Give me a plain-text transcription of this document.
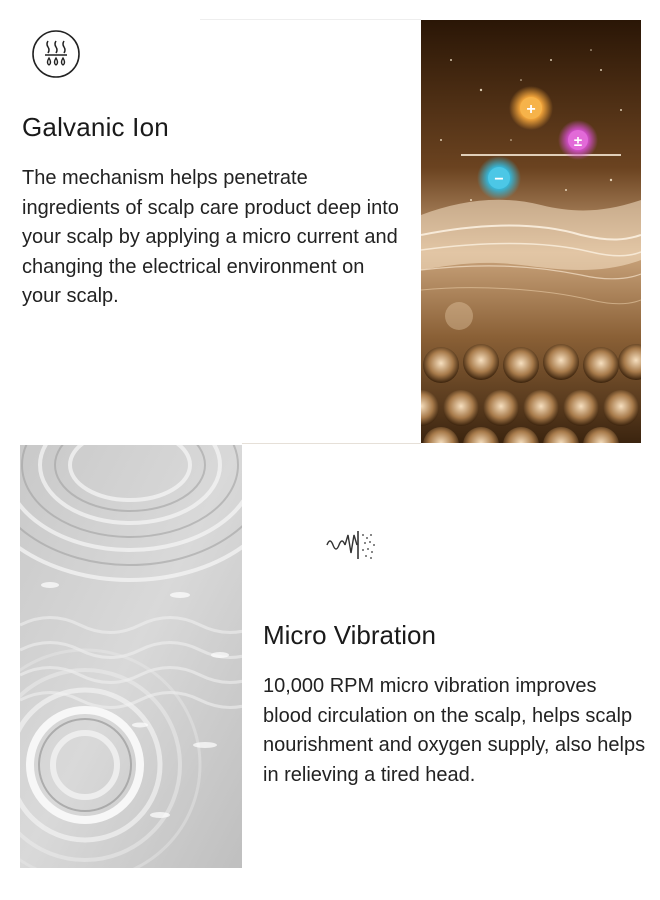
Galvanic Ion

The mechanism helps penetrate ingredients of scalp care product deep into your scalp by applying a micro current and changing the electrical environment on your scalp.

+
±
−
Micro Vibration

10,000 RPM micro vibration improves blood circulation on the scalp, helps scalp nourishment and oxygen supply, also helps in relieving a tired head.
